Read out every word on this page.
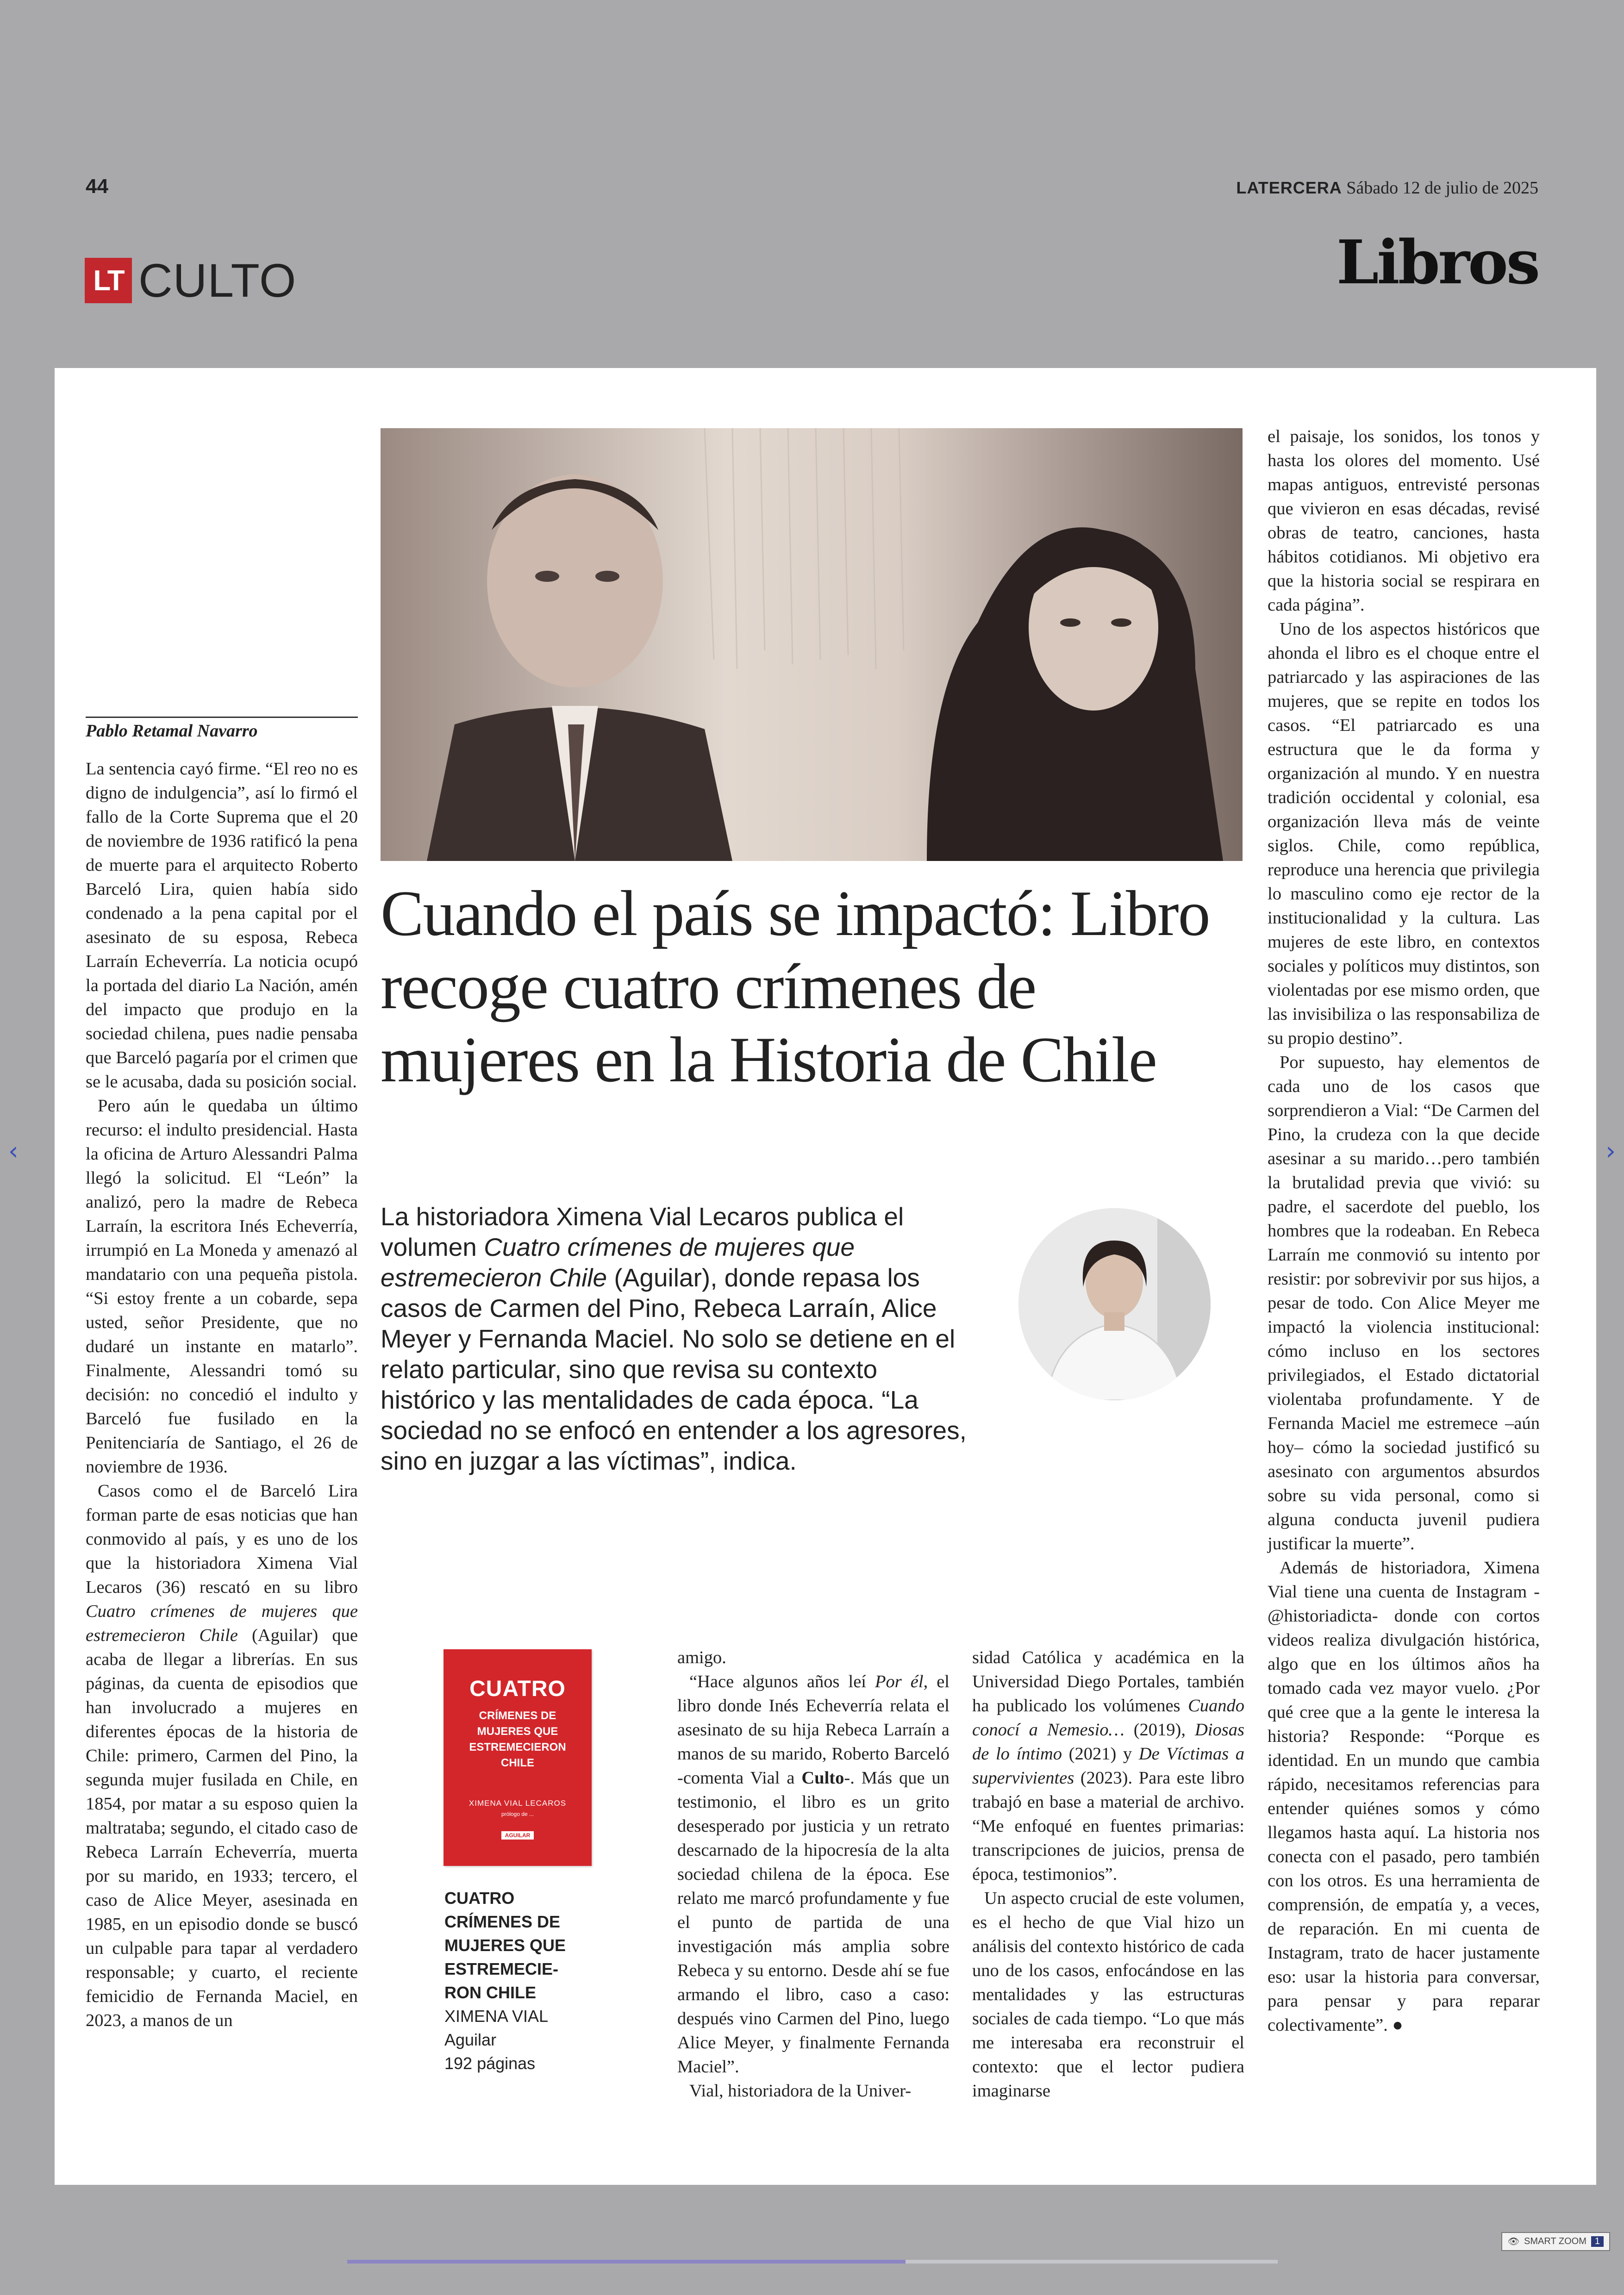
44	LATERCERA Sábado 12 de julio de 2025
LT CULTO	Libros
Pablo Retamal Navarro

La sentencia cayó firme. “El reo no es digno de indulgencia”, así lo firmó el fallo de la Corte Suprema que el 20 de noviembre de 1936 ratificó la pena de muerte para el arquitecto Roberto Barceló Lira, quien había sido condenado a la pena capital por el asesinato de su esposa, Rebeca Larraín Echeverría. La noticia ocupó la portada del diario La Nación, amén del impacto que produjo en la sociedad chilena, pues nadie pensaba que Barceló pagaría por el crimen que se le acusaba, dada su posición social.

Pero aún le quedaba un último recurso: el indulto presidencial. Hasta la oficina de Arturo Alessandri Palma llegó la solicitud. El “León” la analizó, pero la madre de Rebeca Larraín, la escritora Inés Echeverría, irrumpió en La Moneda y amenazó al mandatario con una pequeña pistola. “Si estoy frente a un cobarde, sepa usted, señor Presidente, que no dudaré un instante en matarlo”. Finalmente, Alessandri tomó su decisión: no concedió el indulto y Barceló fue fusilado en la Penitenciaría de Santiago, el 26 de noviembre de 1936.

Casos como el de Barceló Lira forman parte de esas noticias que han conmovido al país, y es uno de los que la historiadora Ximena Vial Lecaros (36) rescató en su libro Cuatro crímenes de mujeres que estremecieron Chile (Aguilar) que acaba de llegar a librerías. En sus páginas, da cuenta de episodios que han involucrado a mujeres en diferentes épocas de la historia de Chile: primero, Carmen del Pino, la segunda mujer fusilada en Chile, en 1854, por matar a su esposo quien la maltrataba; segundo, el citado caso de Rebeca Larraín Echeverría, muerta por su marido, en 1933; tercero, el caso de Alice Meyer, asesinada en 1985, en un episodio donde se buscó un culpable para tapar al verdadero responsable; y cuarto, el reciente femicidio de Fernanda Maciel, en 2023, a manos de un

Cuando el país se impactó: Libro recoge cuatro crímenes de mujeres en la Historia de Chile
La historiadora Ximena Vial Lecaros publica el volumen Cuatro crímenes de mujeres que estremecieron Chile (Aguilar), donde repasa los casos de Carmen del Pino, Rebeca Larraín, Alice Meyer y Fernanda Maciel. No solo se detiene en el relato particular, sino que revisa su contexto histórico y las mentalidades de cada época. “La sociedad no se enfocó en entender a los agresores, sino en juzgar a las víctimas”, indica.
CUATRO
CRÍMENES DE MUJERES QUE ESTREMECIERON CHILE
XIMENA VIAL LECAROS
prólogo de ...
AGUILAR
CUATRO
CRÍMENES DE
MUJERES QUE
ESTREMECIE-
RON CHILE
XIMENA VIAL
Aguilar
192 páginas

amigo.

“Hace algunos años leí Por él, el libro donde Inés Echeverría relata el asesinato de su hija Rebeca Larraín a manos de su marido, Roberto Barceló -comenta Vial a Culto-. Más que un testimonio, el libro es un grito desesperado por justicia y un retrato descarnado de la hipocresía de la alta sociedad chilena de la época. Ese relato me marcó profundamente y fue el punto de partida de una investigación más amplia sobre Rebeca y su entorno. Desde ahí se fue armando el libro, caso a caso: después vino Carmen del Pino, luego Alice Meyer, y finalmente Fernanda Maciel”.

Vial, historiadora de la Univer-

sidad Católica y académica en la Universidad Diego Portales, también ha publicado los volúmenes Cuando conocí a Nemesio… (2019), Diosas de lo íntimo (2021) y De Víctimas a supervivientes (2023). Para este libro trabajó en base a material de archivo. “Me enfoqué en fuentes primarias: transcripciones de juicios, prensa de época, testimonios”.

Un aspecto crucial de este volumen, es el hecho de que Vial hizo un análisis del contexto histórico de cada uno de los casos, enfocándose en las mentalidades y las estructuras sociales de cada tiempo. “Lo que más me interesaba era reconstruir el contexto: que el lector pudiera imaginarse

el paisaje, los sonidos, los tonos y hasta los olores del momento. Usé mapas antiguos, entrevisté personas que vivieron en esas décadas, revisé obras de teatro, canciones, hasta hábitos cotidianos. Mi objetivo era que la historia social se respirara en cada página”.

Uno de los aspectos históricos que ahonda el libro es el choque entre el patriarcado y las aspiraciones de las mujeres, que se repite en todos los casos. “El patriarcado es una estructura que le da forma y organización al mundo. Y en nuestra tradición occidental y colonial, esa organización lleva más de veinte siglos. Chile, como república, reproduce una herencia que privilegia lo masculino como eje rector de la institucionalidad y la cultura. Las mujeres de este libro, en contextos sociales y políticos muy distintos, son violentadas por ese mismo orden, que las invisibiliza o las responsabiliza de su propio destino”.

Por supuesto, hay elementos de cada uno de los casos que sorprendieron a Vial: “De Carmen del Pino, la crudeza con la que decide asesinar a su marido…pero también la brutalidad previa que vivió: su padre, el sacerdote del pueblo, los hombres que la rodeaban. En Rebeca Larraín me conmovió su intento por resistir: por sobrevivir por sus hijos, a pesar de todo. Con Alice Meyer me impactó la violencia institucional: cómo incluso en los sectores privilegiados, el Estado dictatorial violentaba profundamente. Y de Fernanda Maciel me estremece –aún hoy– cómo la sociedad justificó su asesinato con argumentos absurdos sobre su vida personal, como si alguna conducta juvenil pudiera justificar la muerte”.

Además de historiadora, Ximena Vial tiene una cuenta de Instagram -@historiadicta- donde con cortos videos realiza divulgación histórica, algo que en los últimos años ha tomado cada vez mayor vuelo. ¿Por qué cree que a la gente le interesa la historia? Responde: “Porque es identidad. En un mundo que cambia rápido, necesitamos referencias para entender quiénes somos y cómo llegamos hasta aquí. La historia nos conecta con el pasado, pero también con los otros. Es una herramienta de comprensión, de empatía y, a veces, de reparación. En mi cuenta de Instagram, trato de hacer justamente eso: usar la historia para conversar, para pensar y para reparar colectivamente”. ●

‹	›
👁 SMART ZOOM 1
